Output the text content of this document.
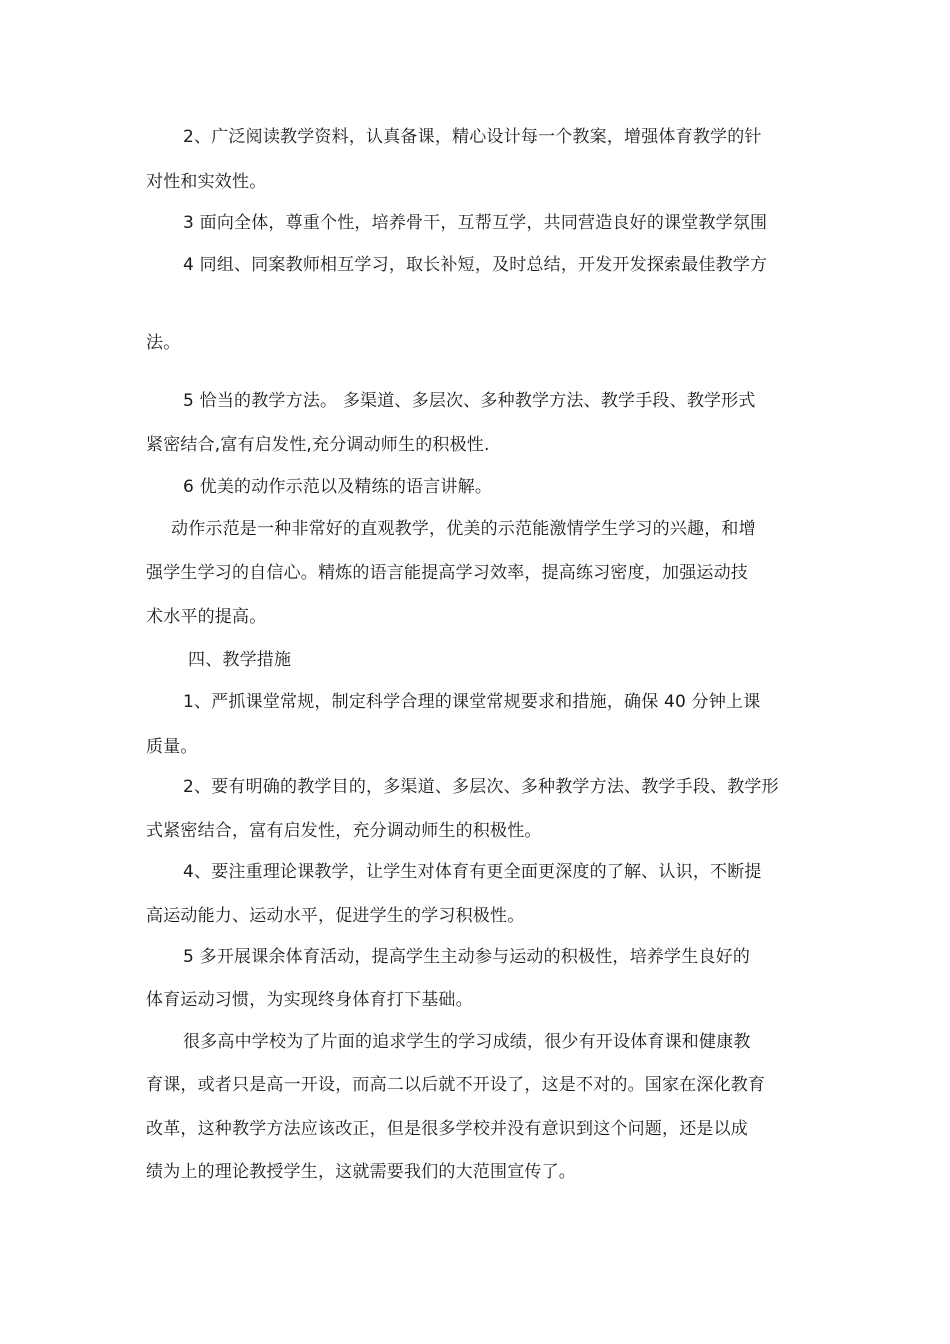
2、广泛阅读教学资料，认真备课，精心设计每一个教案，增强体育教学的针
对性和实效性。
3 面向全体，尊重个性，培养骨干，互帮互学，共同营造良好的课堂教学氛围
4 同组、同案教师相互学习，取长补短，及时总结，开发开发探索最佳教学方
法。
5 恰当的教学方法。 多渠道、多层次、多种教学方法、教学手段、教学形式
紧密结合,富有启发性,充分调动师生的积极性.
6 优美的动作示范以及精练的语言讲解。
动作示范是一种非常好的直观教学，优美的示范能激情学生学习的兴趣，和增
强学生学习的自信心。精炼的语言能提高学习效率，提高练习密度，加强运动技
术水平的提高。
四、教学措施
1、严抓课堂常规，制定科学合理的课堂常规要求和措施，确保 40 分钟上课
质量。
2、要有明确的教学目的，多渠道、多层次、多种教学方法、教学手段、教学形
式紧密结合，富有启发性，充分调动师生的积极性。
4、要注重理论课教学，让学生对体育有更全面更深度的了解、认识，不断提
高运动能力、运动水平，促进学生的学习积极性。
5 多开展课余体育活动，提高学生主动参与运动的积极性，培养学生良好的
体育运动习惯，为实现终身体育打下基础。
很多高中学校为了片面的追求学生的学习成绩，很少有开设体育课和健康教
育课，或者只是高一开设，而高二以后就不开设了，这是不对的。国家在深化教育
改革，这种教学方法应该改正，但是很多学校并没有意识到这个问题，还是以成
绩为上的理论教授学生，这就需要我们的大范围宣传了。
